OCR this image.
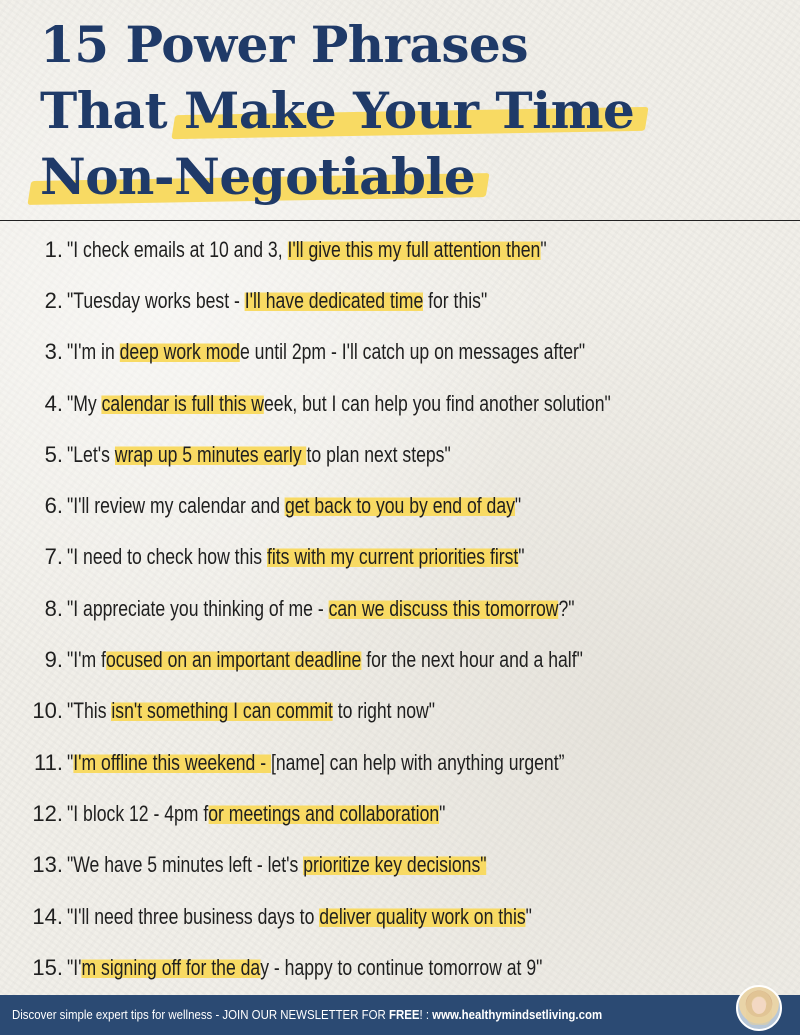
15 Power Phrases
That Make Your Time
Non-Negotiable
1. "I check emails at 10 and 3, I'll give this my full attention then"
2. "Tuesday works best - I'll have dedicated time for this"
3. "I'm in deep work mode until 2pm - I'll catch up on messages after"
4. "My calendar is full this week, but I can help you find another solution"
5. "Let's wrap up 5 minutes early to plan next steps"
6. "I'll review my calendar and get back to you by end of day"
7. "I need to check how this fits with my current priorities first"
8. "I appreciate you thinking of me - can we discuss this tomorrow?"
9. "I'm focused on an important deadline for the next hour and a half"
10. "This isn't something I can commit to right now"
11. "I'm offline this weekend - [name] can help with anything urgent”
12. "I block 12 - 4pm for meetings and collaboration"
13. "We have 5 minutes left - let's prioritize key decisions"
14. "I'll need three business days to deliver quality work on this"
15. "I'm signing off for the day - happy to continue tomorrow at 9"
Discover simple expert tips for wellness - JOIN OUR NEWSLETTER FOR FREE! : www.healthymindsetliving.com
